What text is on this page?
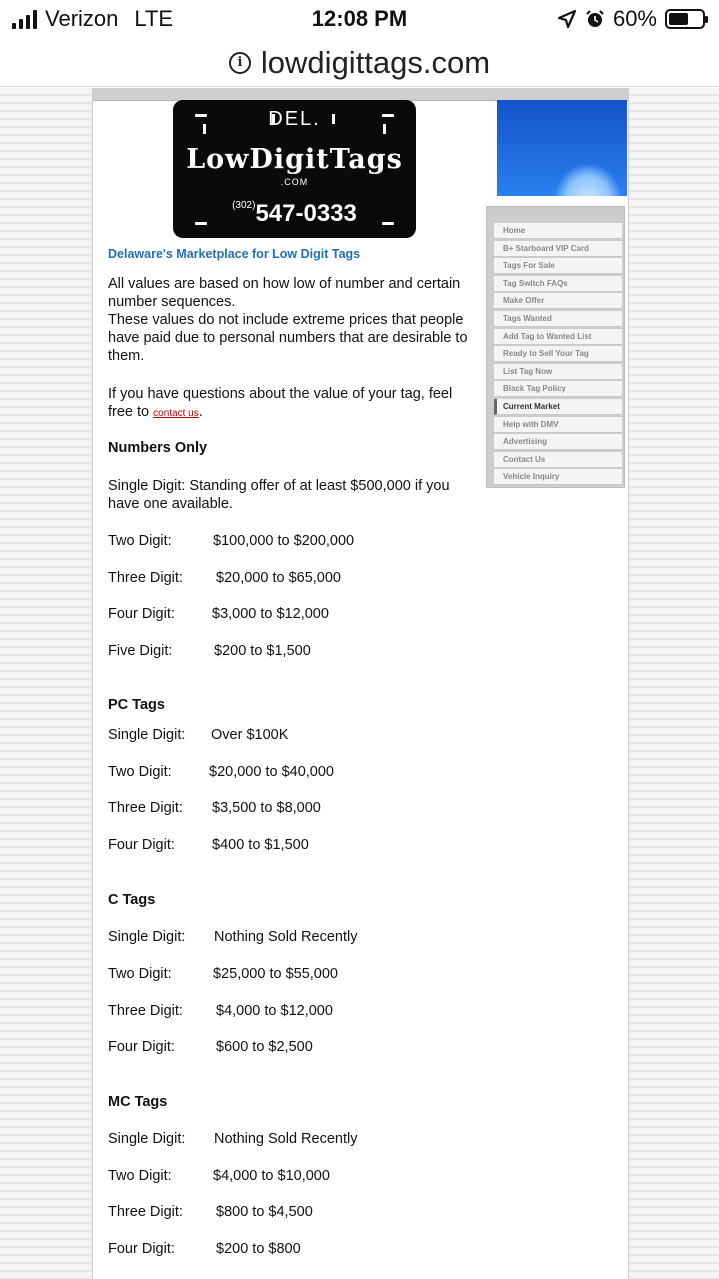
Verizon LTE	12:08 PM	60%
i lowdigittags.com
DEL.
LowDigitTags
.COM
$^{(302)}$547-0333
Home
B+ Starboard VIP Card
Tags For Sale
Tag Switch FAQs
Make Offer
Tags Wanted
Add Tag to Wanted List
Ready to Sell Your Tag
List Tag Now
Black Tag Policy
Current Market
Help with DMV
Advertising
Contact Us
Vehicle Inquiry
Delaware's Marketplace for Low Digit Tags
All values are based on how low of number and certain number sequences.
These values do not include extreme prices that people have paid due to personal numbers that are desirable to them.
If you have questions about the value of your tag, feel free to contact us.
Numbers Only
Single Digit: Standing offer of at least $500,000 if you have one available.
Two Digit:	$100,000 to $200,000
Three Digit: $20,000 to $65,000
Four Digit:	$3,000 to $12,000
Five Digit:	$200 to $1,500
PC Tags
Single Digit: Over $100K
Two Digit:	$20,000 to $40,000
Three Digit: $3,500 to $8,000
Four Digit:	$400 to $1,500
C Tags
Single Digit: Nothing Sold Recently
Two Digit:	$25,000 to $55,000
Three Digit: $4,000 to $12,000
Four Digit:	$600 to $2,500
MC Tags
Single Digit: Nothing Sold Recently
Two Digit:	$4,000 to $10,000
Three Digit: $800 to $4,500
Four Digit:	$200 to $800
